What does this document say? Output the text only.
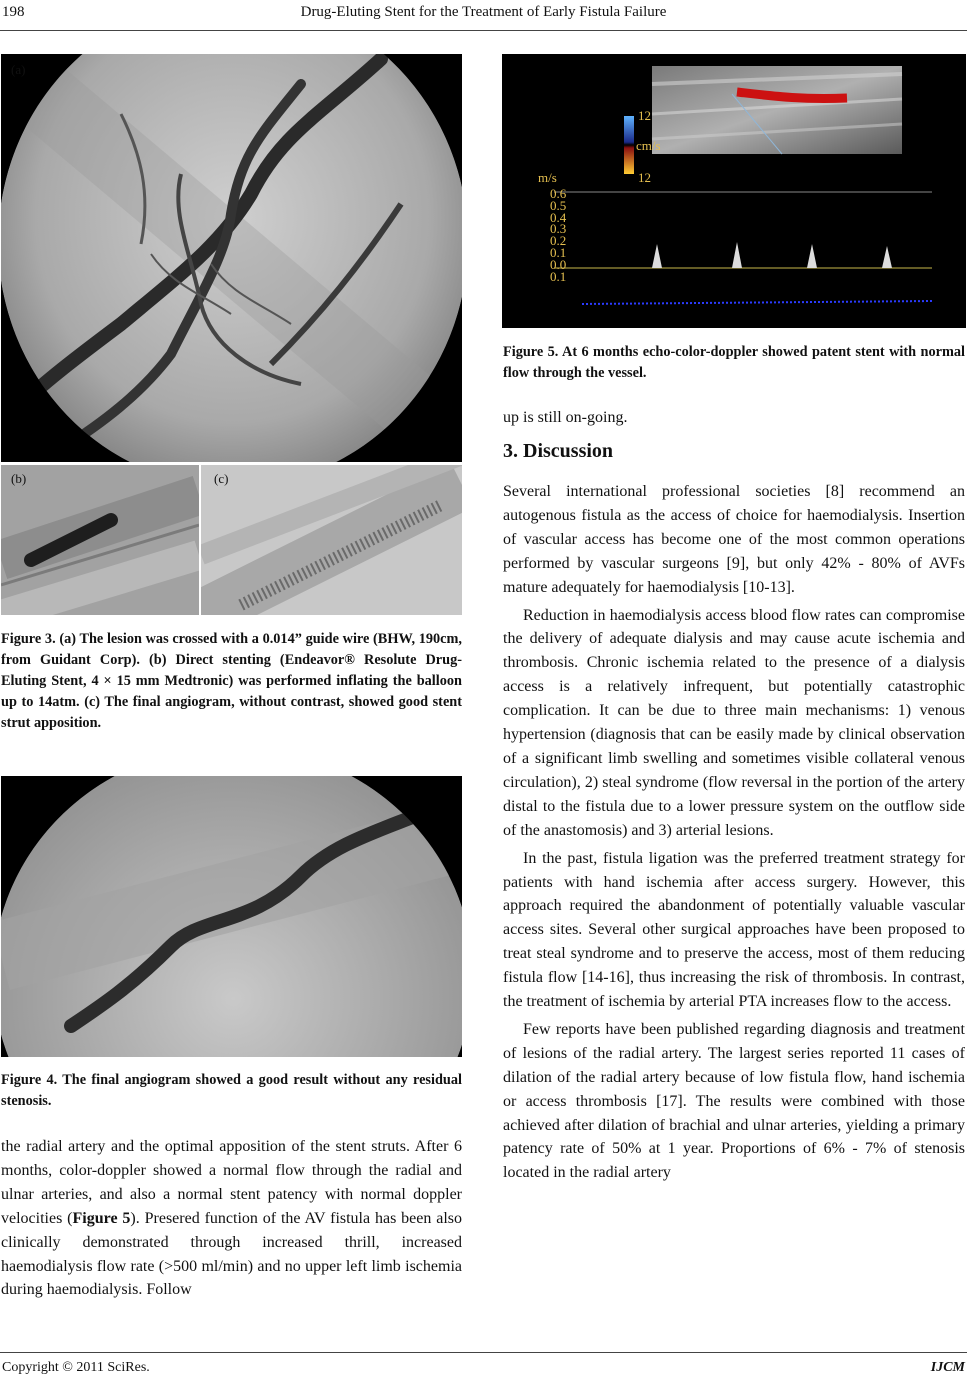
198	Drug-Eluting Stent for the Treatment of Early Fistula Failure
(a)
(b)	(c)
Figure 3. (a) The lesion was crossed with a 0.014” guide wire (BHW, 190cm, from Guidant Corp). (b) Direct stenting (Endeavor® Resolute Drug-Eluting Stent, 4 × 15 mm Medtronic) was performed inflating the balloon up to 14atm. (c) The final angiogram, without contrast, showed good stent strut apposition.
Figure 4. The final angiogram showed a good result without any residual stenosis.

the radial artery and the optimal apposition of the stent struts. After 6 months, color-doppler showed a normal flow through the radial and ulnar arteries, and also a normal stent patency with normal doppler velocities (Figure 5). Presered function of the AV fistula has been also clinically demonstrated through increased thrill, increased haemodialysis flow rate (>500 ml/min) and no upper left limb ischemia during haemodialysis. Follow

12
cm/s
12
m/s
0.6
0.5
0.4
0.3
0.2
0.1
0.0
0.1
Figure 5. At 6 months echo-color-doppler showed patent stent with normal flow through the vessel.
up is still on-going.
3. Discussion

Several international professional societies [8] recommend an autogenous fistula as the access of choice for haemodialysis. Insertion of vascular access has become one of the most common operations performed by vascular surgeons [9], but only 42% - 80% of AVFs mature adequately for haemodialysis [10-13].

Reduction in haemodialysis access blood flow rates can compromise the delivery of adequate dialysis and may cause acute ischemia and thrombosis. Chronic ischemia related to the presence of a dialysis access is a relatively infrequent, but potentially catastrophic complication. It can be due to three main mechanisms: 1) venous hypertension (diagnosis that can be easily made by clinical observation of a significant limb swelling and sometimes visible collateral venous circulation), 2) steal syndrome (flow reversal in the portion of the artery distal to the fistula due to a lower pressure system on the outflow side of the anastomosis) and 3) arterial lesions.

In the past, fistula ligation was the preferred treatment strategy for patients with hand ischemia after access surgery. However, this approach required the abandonment of potentially valuable vascular access sites. Several other surgical approaches have been proposed to treat steal syndrome and to preserve the access, most of them reducing fistula flow [14-16], thus increasing the risk of thrombosis. In contrast, the treatment of ischemia by arterial PTA increases flow to the access.

Few reports have been published regarding diagnosis and treatment of lesions of the radial artery. The largest series reported 11 cases of dilation of the radial artery because of low fistula flow, hand ischemia or access thrombosis [17]. The results were combined with those achieved after dilation of brachial and ulnar arteries, yielding a primary patency rate of 50% at 1 year. Proportions of 6% - 7% of stenosis located in the radial artery

Copyright © 2011 SciRes.	IJCM
